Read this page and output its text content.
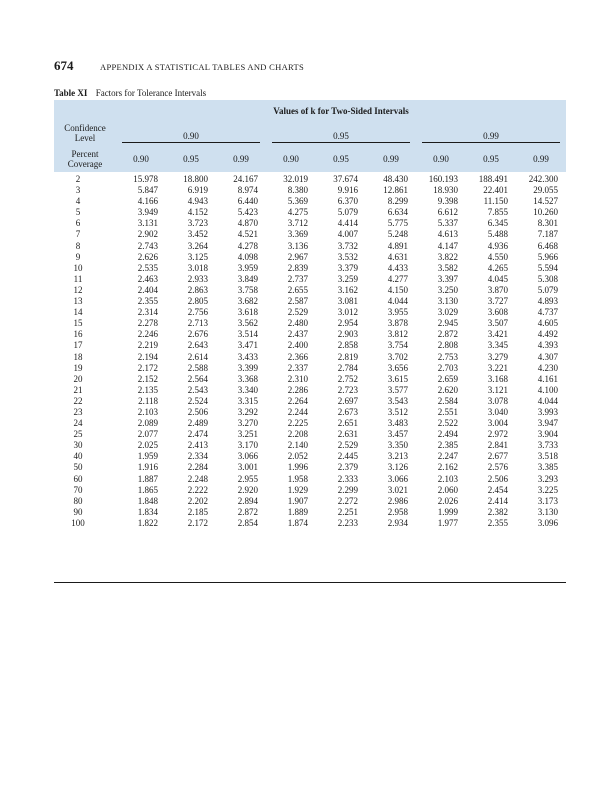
674	APPENDIX A STATISTICAL TABLES AND CHARTS
Table XI Factors for Tolerance Intervals
	Values of k for Two-Sided Intervals								
Confidence
Level	0.90			0.95			0.99		

Percent
Coverage	0.90	0.95	0.99	0.90	0.95	0.99	0.90	0.95	0.99
2	15.978	18.800	24.167	32.019	37.674	48.430	160.193	188.491	242.300
3	5.847	6.919	8.974	8.380	9.916	12.861	18.930	22.401	29.055
4	4.166	4.943	6.440	5.369	6.370	8.299	9.398	11.150	14.527
5	3.949	4.152	5.423	4.275	5.079	6.634	6.612	7.855	10.260
6	3.131	3.723	4.870	3.712	4.414	5.775	5.337	6.345	8.301
7	2.902	3.452	4.521	3.369	4.007	5.248	4.613	5.488	7.187
8	2.743	3.264	4.278	3.136	3.732	4.891	4.147	4.936	6.468
9	2.626	3.125	4.098	2.967	3.532	4.631	3.822	4.550	5.966
10	2.535	3.018	3.959	2.839	3.379	4.433	3.582	4.265	5.594
11	2.463	2.933	3.849	2.737	3.259	4.277	3.397	4.045	5.308
12	2.404	2.863	3.758	2.655	3.162	4.150	3.250	3.870	5.079
13	2.355	2.805	3.682	2.587	3.081	4.044	3.130	3.727	4.893
14	2.314	2.756	3.618	2.529	3.012	3.955	3.029	3.608	4.737
15	2.278	2.713	3.562	2.480	2.954	3.878	2.945	3.507	4.605
16	2.246	2.676	3.514	2.437	2.903	3.812	2.872	3.421	4.492
17	2.219	2.643	3.471	2.400	2.858	3.754	2.808	3.345	4.393
18	2.194	2.614	3.433	2.366	2.819	3.702	2.753	3.279	4.307
19	2.172	2.588	3.399	2.337	2.784	3.656	2.703	3.221	4.230
20	2.152	2.564	3.368	2.310	2.752	3.615	2.659	3.168	4.161
21	2.135	2.543	3.340	2.286	2.723	3.577	2.620	3.121	4.100
22	2.118	2.524	3.315	2.264	2.697	3.543	2.584	3.078	4.044
23	2.103	2.506	3.292	2.244	2.673	3.512	2.551	3.040	3.993
24	2.089	2.489	3.270	2.225	2.651	3.483	2.522	3.004	3.947
25	2.077	2.474	3.251	2.208	2.631	3.457	2.494	2.972	3.904
30	2.025	2.413	3.170	2.140	2.529	3.350	2.385	2.841	3.733
40	1.959	2.334	3.066	2.052	2.445	3.213	2.247	2.677	3.518
50	1.916	2.284	3.001	1.996	2.379	3.126	2.162	2.576	3.385
60	1.887	2.248	2.955	1.958	2.333	3.066	2.103	2.506	3.293
70	1.865	2.222	2.920	1.929	2.299	3.021	2.060	2.454	3.225
80	1.848	2.202	2.894	1.907	2.272	2.986	2.026	2.414	3.173
90	1.834	2.185	2.872	1.889	2.251	2.958	1.999	2.382	3.130
100	1.822	2.172	2.854	1.874	2.233	2.934	1.977	2.355	3.096
